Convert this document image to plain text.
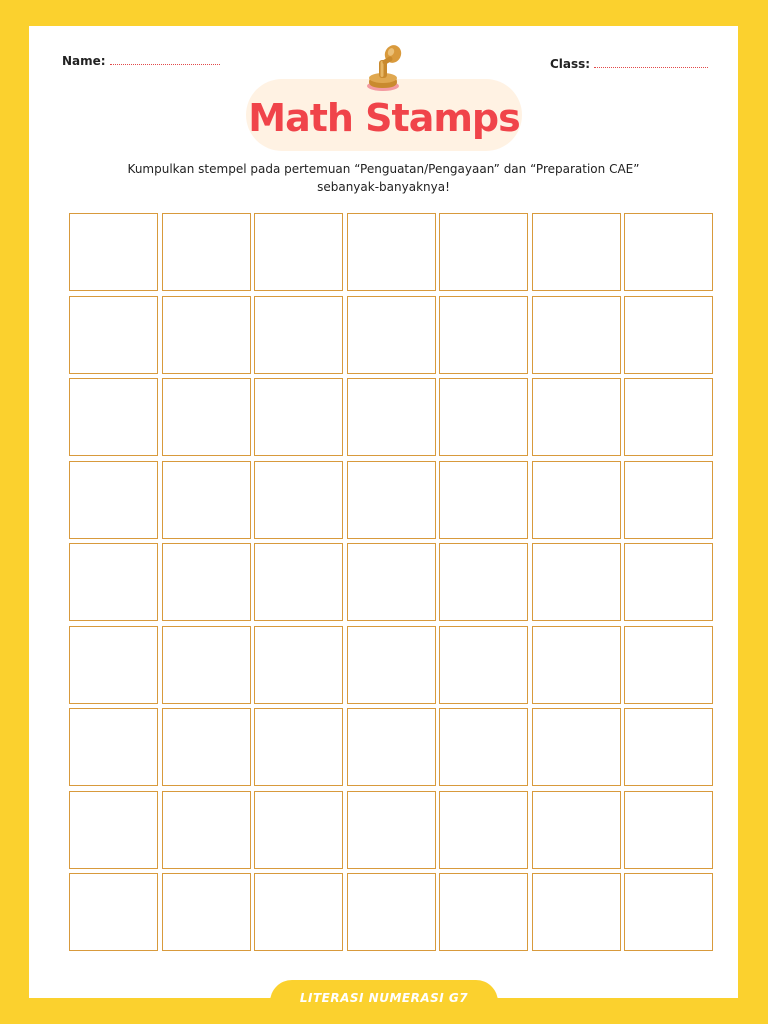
Name:	Class:
Math Stamps
Kumpulkan stempel pada pertemuan “Penguatan/Pengayaan” dan “Preparation CAE”
sebanyak-banyaknya!
LITERASI NUMERASI G7
